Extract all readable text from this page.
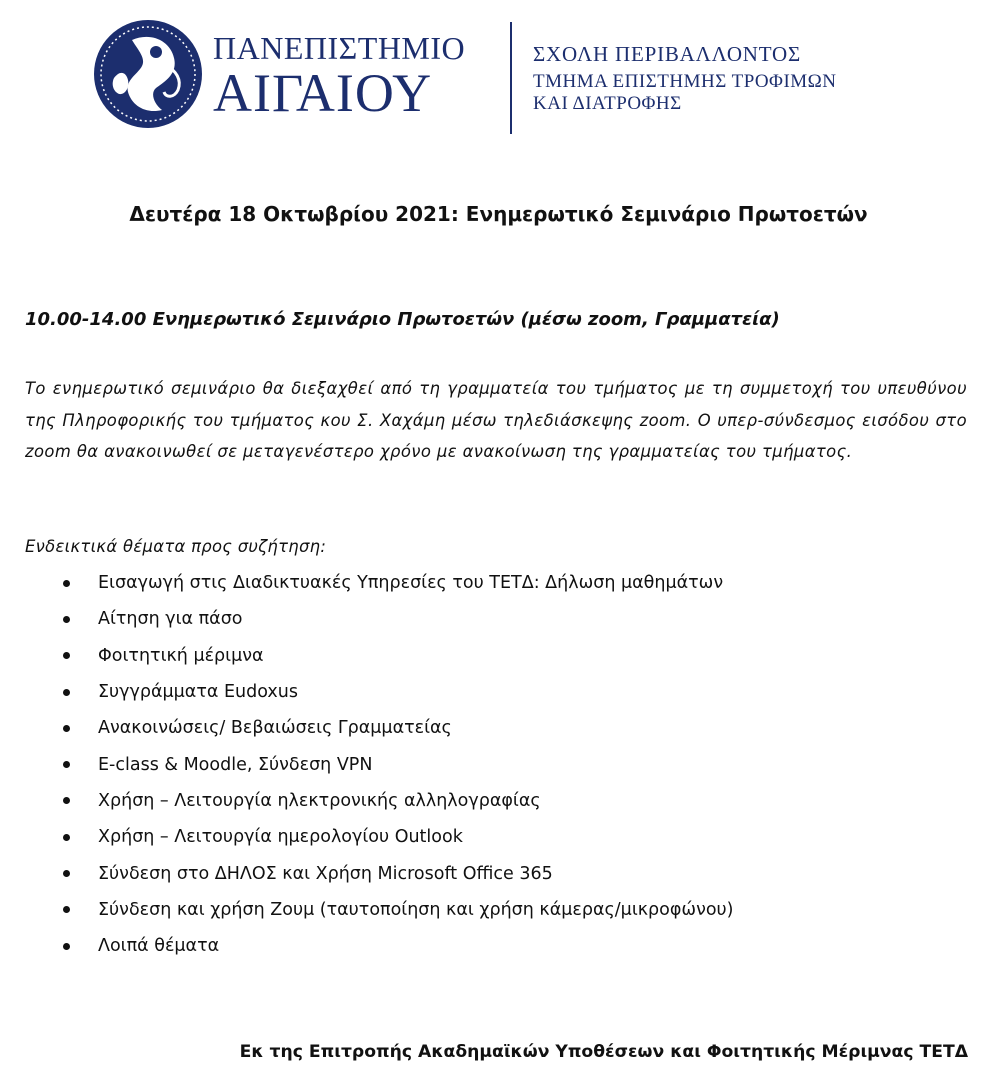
ΠΑΝΕΠΙΣΤΗΜΙΟ
ΑΙΓΑΙΟΥ
ΣΧΟΛΗ ΠΕΡΙΒΑΛΛΟΝΤΟΣ
ΤΜΗΜΑ ΕΠΙΣΤΗΜΗΣ ΤΡΟΦΙΜΩΝ
ΚΑΙ ΔΙΑΤΡΟΦΗΣ
Δευτέρα 18 Οκτωβρίου 2021: Ενημερωτικό Σεμινάριο Πρωτοετών
10.00-14.00 Ενημερωτικό Σεμινάριο Πρωτοετών (μέσω zoom, Γραμματεία)
Το ενημερωτικό σεμινάριο θα διεξαχθεί από τη γραμματεία του τμήματος με τη συμμετοχή του υπευθύνου της Πληροφορικής του τμήματος κου Σ. Χαχάμη μέσω τηλεδιάσκεψης zoom. Ο υπερ-σύνδεσμος εισόδου στο zoom θα ανακοινωθεί σε μεταγενέστερο χρόνο με ανακοίνωση της γραμματείας του τμήματος.
Ενδεικτικά θέματα προς συζήτηση:
Εισαγωγή στις Διαδικτυακές Υπηρεσίες του ΤΕΤΔ: Δήλωση μαθημάτων
Αίτηση για πάσο
Φοιτητική μέριμνα
Συγγράμματα Eudoxus
Ανακοινώσεις/ Βεβαιώσεις Γραμματείας
E-class & Moodle, Σύνδεση VPN
Χρήση – Λειτουργία ηλεκτρονικής αλληλογραφίας
Χρήση – Λειτουργία ημερολογίου Outlook
Σύνδεση στο ΔΗΛΟΣ και Χρήση Microsoft Office 365
Σύνδεση και χρήση Ζουμ (ταυτοποίηση και χρήση κάμερας/μικροφώνου)
Λοιπά θέματα
Εκ της Επιτροπής Ακαδημαϊκών Υποθέσεων και Φοιτητικής Μέριμνας ΤΕΤΔ
